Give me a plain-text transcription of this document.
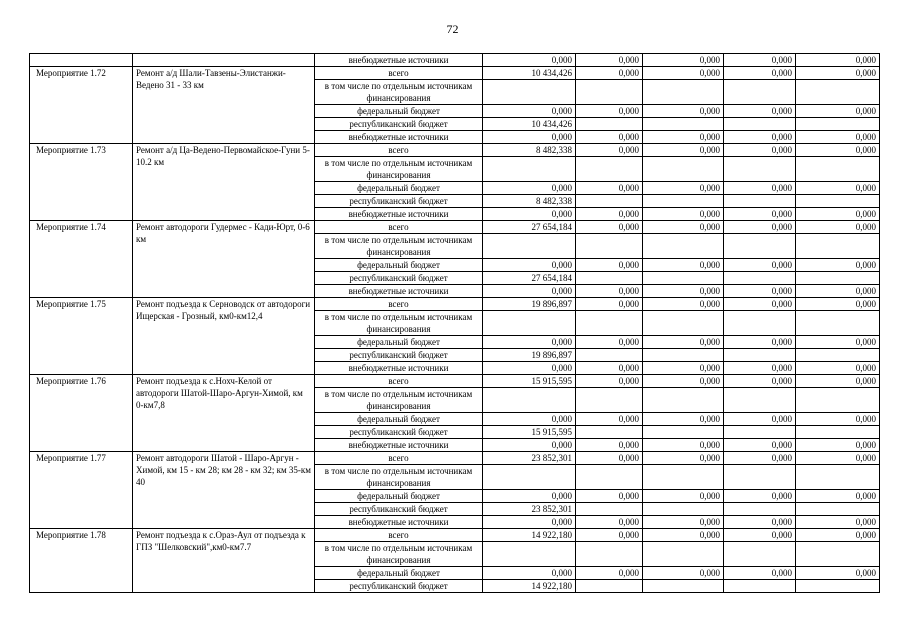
72
		внебюджетные источники	0,000	0,000	0,000	0,000	0,000
Мероприятие 1.72	Ремонт а/д Шали-Тавзены-Элистанжи-Ведено 31 - 33 км	всего	10 434,426	0,000	0,000	0,000	0,000
		в том числе по отдельным источникам финансирования					
		федеральный бюджет	0,000	0,000	0,000	0,000	0,000
		республиканский бюджет	10 434,426				
		внебюджетные источники	0,000	0,000	0,000	0,000	0,000
Мероприятие 1.73	Ремонт а/д Ца-Ведено-Первомайское-Гуни 5-10.2 км	всего	8 482,338	0,000	0,000	0,000	0,000
		в том числе по отдельным источникам финансирования					
		федеральный бюджет	0,000	0,000	0,000	0,000	0,000
		республиканский бюджет	8 482,338				
		внебюджетные источники	0,000	0,000	0,000	0,000	0,000
Мероприятие 1.74	Ремонт автодороги Гудермес - Кади-Юрт, 0-6 км	всего	27 654,184	0,000	0,000	0,000	0,000
		в том числе по отдельным источникам финансирования					
		федеральный бюджет	0,000	0,000	0,000	0,000	0,000
		республиканский бюджет	27 654,184				
		внебюджетные источники	0,000	0,000	0,000	0,000	0,000
Мероприятие 1.75	Ремонт подъезда к Серноводск от автодороги Ищерская - Грозный, км0-км12,4	всего	19 896,897	0,000	0,000	0,000	0,000
		в том числе по отдельным источникам финансирования					
		федеральный бюджет	0,000	0,000	0,000	0,000	0,000
		республиканский бюджет	19 896,897				
		внебюджетные источники	0,000	0,000	0,000	0,000	0,000
Мероприятие 1.76	Ремонт подъезда к с.Нохч-Келой от автодороги Шатой-Шаро-Аргун-Химой, км 0-км7,8	всего	15 915,595	0,000	0,000	0,000	0,000
		в том числе по отдельным источникам финансирования					
		федеральный бюджет	0,000	0,000	0,000	0,000	0,000
		республиканский бюджет	15 915,595				
		внебюджетные источники	0,000	0,000	0,000	0,000	0,000
Мероприятие 1.77	Ремонт автодороги Шатой - Шаро-Аргун - Химой, км 15 - км 28; км 28 - км 32; км 35-км 40	всего	23 852,301	0,000	0,000	0,000	0,000
		в том числе по отдельным источникам финансирования					
		федеральный бюджет	0,000	0,000	0,000	0,000	0,000
		республиканский бюджет	23 852,301				
		внебюджетные источники	0,000	0,000	0,000	0,000	0,000
Мероприятие 1.78	Ремонт подъезда к с.Ораз-Аул от подъезда к ГПЗ "Шелковский",км0-км7.7	всего	14 922,180	0,000	0,000	0,000	0,000
		в том числе по отдельным источникам финансирования					
		федеральный бюджет	0,000	0,000	0,000	0,000	0,000
		республиканский бюджет	14 922,180				
